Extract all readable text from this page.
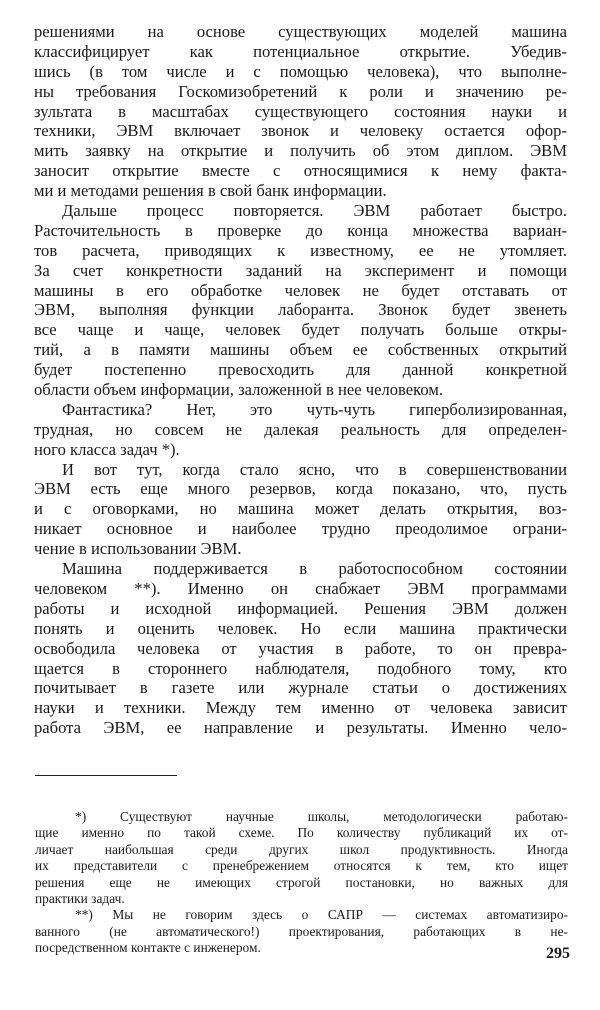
решениями на основе существующих моделей машина
классифицирует как потенциальное открытие. Убедив-
шись (в том числе и с помощью человека), что выполне-
ны требования Госкомизобретений к роли и значению ре-
зультата в масштабах существующего состояния науки и
техники, ЭВМ включает звонок и человеку остается офор-
мить заявку на открытие и получить об этом диплом. ЭВМ
заносит открытие вместе с относящимися к нему факта-
ми и методами решения в свой банк информации.
Дальше процесс повторяется. ЭВМ работает быстро.
Расточительность в проверке до конца множества вариан-
тов расчета, приводящих к известному, ее не утомляет.
За счет конкретности заданий на эксперимент и помощи
машины в его обработке человек не будет отставать от
ЭВМ, выполняя функции лаборанта. Звонок будет звенеть
все чаще и чаще, человек будет получать больше откры-
тий, а в памяти машины объем ее собственных открытий
будет постепенно превосходить для данной конкретной
области объем информации, заложенной в нее человеком.
Фантастика? Нет, это чуть-чуть гиперболизированная,
трудная, но совсем не далекая реальность для определен-
ного класса задач *).
И вот тут, когда стало ясно, что в совершенствовании
ЭВМ есть еще много резервов, когда показано, что, пусть
и с оговорками, но машина может делать открытия, воз-
никает основное и наиболее трудно преодолимое ограни-
чение в использовании ЭВМ.
Машина поддерживается в работоспособном состоянии
человеком **). Именно он снабжает ЭВМ программами
работы и исходной информацией. Решения ЭВМ должен
понять и оценить человек. Но если машина практически
освободила человека от участия в работе, то он превра-
щается в стороннего наблюдателя, подобного тому, кто
почитывает в газете или журнале статьи о достижениях
науки и техники. Между тем именно от человека зависит
работа ЭВМ, ее направление и результаты. Именно чело-
*) Существуют научные школы, методологически работаю-
щие именно по такой схеме. По количеству публикаций их от-
личает наибольшая среди других школ продуктивность. Иногда
их представители с пренебрежением относятся к тем, кто ищет
решения еще не имеющих строгой постановки, но важных для
практики задач.
**) Мы не говорим здесь о САПР — системах автоматизиро-
ванного (не автоматического!) проектирования, работающих в не-
посредственном контакте с инженером.	295
